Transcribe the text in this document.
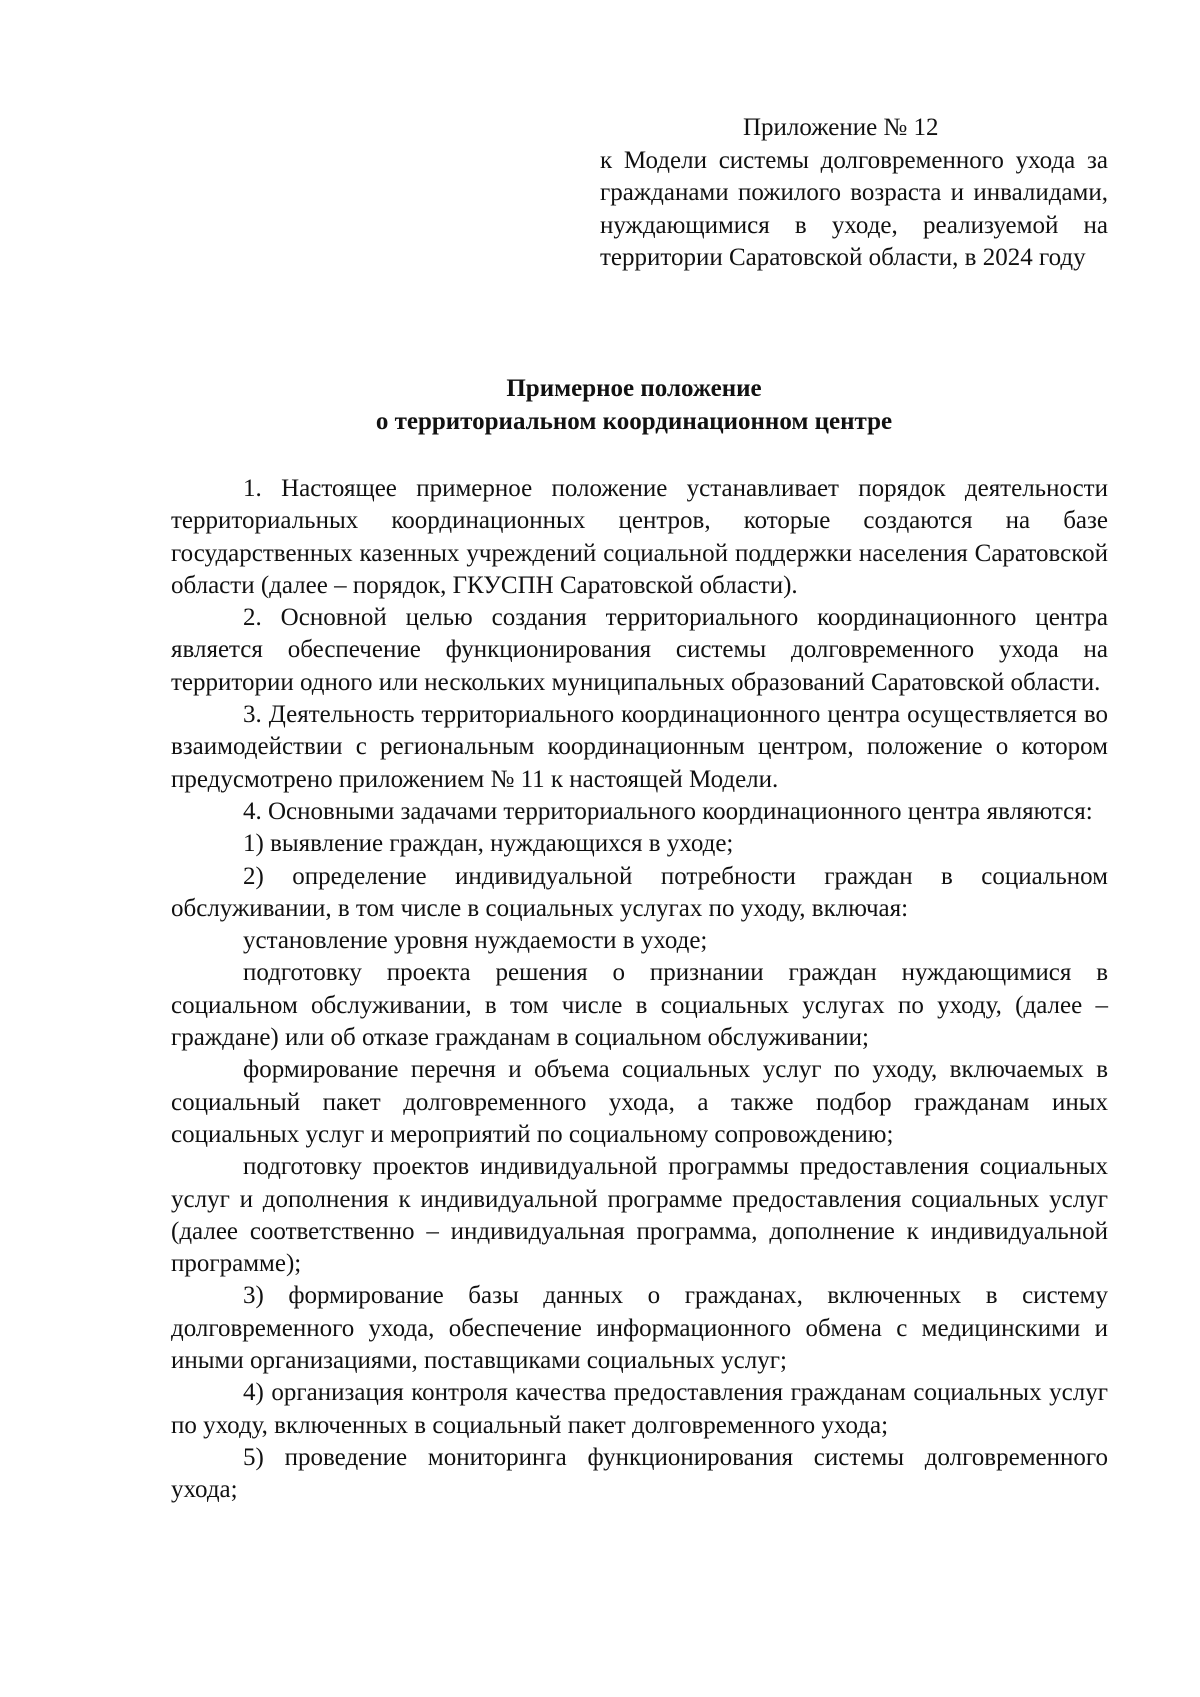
Приложение № 12
к Модели системы долговременного ухода за гражданами пожилого возраста и инвалидами, нуждающимися в уходе, реализуемой на территории Саратовской области, в 2024 году
Примерное положение
о территориальном координационном центре

1. Настоящее примерное положение устанавливает порядок деятельности территориальных координационных центров, которые создаются на базе государственных казенных учреждений социальной поддержки населения Саратовской области (далее – порядок, ГКУСПН Саратовской области).

2. Основной целью создания территориального координационного центра является обеспечение функционирования системы долговременного ухода на территории одного или нескольких муниципальных образований Саратовской области.

3. Деятельность территориального координационного центра осуществляется во взаимодействии с региональным координационным центром, положение о котором предусмотрено приложением № 11 к настоящей Модели.

4. Основными задачами территориального координационного центра являются:

1) выявление граждан, нуждающихся в уходе;

2) определение индивидуальной потребности граждан в социальном обслуживании, в том числе в социальных услугах по уходу, включая:

установление уровня нуждаемости в уходе;

подготовку проекта решения о признании граждан нуждающимися в социальном обслуживании, в том числе в социальных услугах по уходу, (далее – граждане) или об отказе гражданам в социальном обслуживании;

формирование перечня и объема социальных услуг по уходу, включаемых в социальный пакет долговременного ухода, а также подбор гражданам иных социальных услуг и мероприятий по социальному сопровождению;

подготовку проектов индивидуальной программы предоставления социальных услуг и дополнения к индивидуальной программе предоставления социальных услуг (далее соответственно – индивидуальная программа, дополнение к индивидуальной программе);

3) формирование базы данных о гражданах, включенных в систему долговременного ухода, обеспечение информационного обмена с медицинскими и иными организациями, поставщиками социальных услуг;

4) организация контроля качества предоставления гражданам социальных услуг по уходу, включенных в социальный пакет долговременного ухода;

5) проведение мониторинга функционирования системы долговременного ухода;
